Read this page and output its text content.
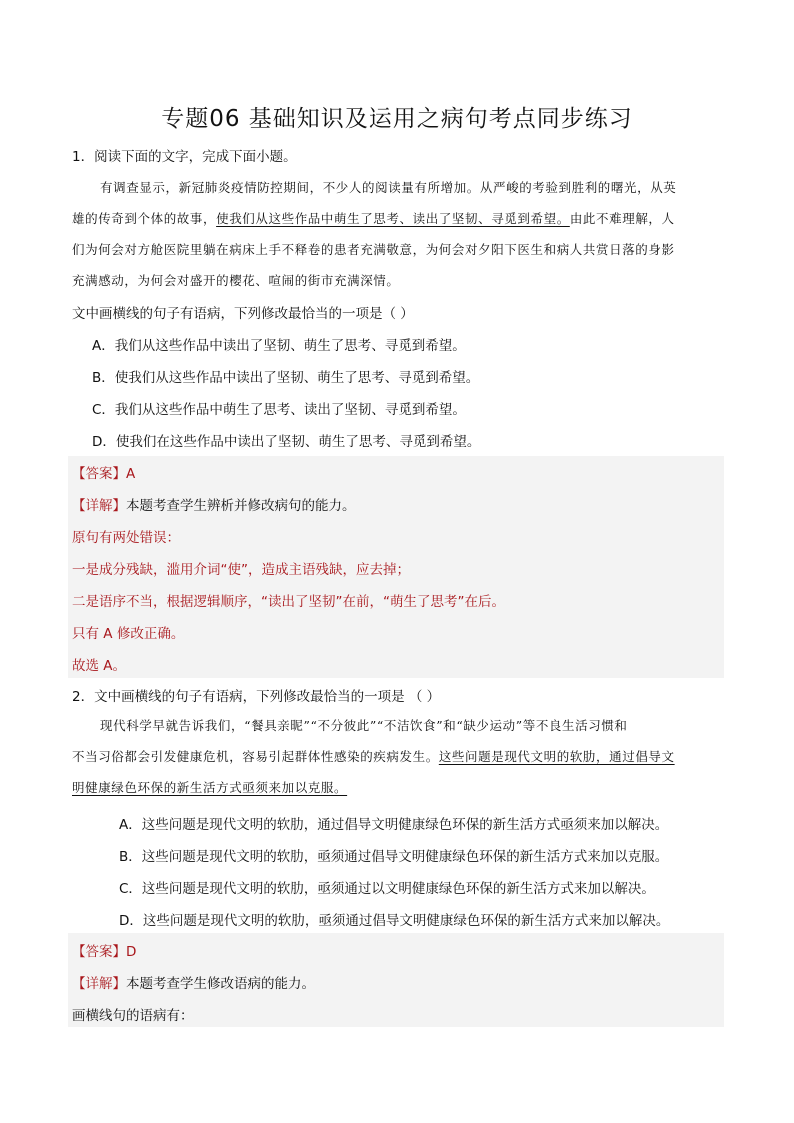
专题06 基础知识及运用之病句考点同步练习
1．阅读下面的文字，完成下面小题。
有调查显示，新冠肺炎疫情防控期间，不少人的阅读量有所增加。从严峻的考验到胜利的曙光，从英
雄的传奇到个体的故事，使我们从这些作品中萌生了思考、读出了坚韧、寻觅到希望。由此不难理解，人
们为何会对方舱医院里躺在病床上手不释卷的患者充满敬意，为何会对夕阳下医生和病人共赏日落的身影
充满感动，为何会对盛开的樱花、喧闹的街市充满深情。
文中画横线的句子有语病，下列修改最恰当的一项是（ ）
A．我们从这些作品中读出了坚韧、萌生了思考、寻觅到希望。
B．使我们从这些作品中读出了坚韧、萌生了思考、寻觅到希望。
C．我们从这些作品中萌生了思考、读出了坚韧、寻觅到希望。
D．使我们在这些作品中读出了坚韧、萌生了思考、寻觅到希望。
【答案】A
【详解】本题考查学生辨析并修改病句的能力。
原句有两处错误：
一是成分残缺，滥用介词“使”，造成主语残缺，应去掉；
二是语序不当，根据逻辑顺序，“读出了坚韧”在前，“萌生了思考”在后。
只有 A 修改正确。
故选 A。
2．文中画横线的句子有语病，下列修改最恰当的一项是 （ ）
现代科学早就告诉我们，“餐具亲昵”“不分彼此”“不洁饮食”和“缺少运动”等不良生活习惯和
不当习俗都会引发健康危机，容易引起群体性感染的疾病发生。这些问题是现代文明的软肋，通过倡导文
明健康绿色环保的新生活方式亟须来加以克服。
A．这些问题是现代文明的软肋，通过倡导文明健康绿色环保的新生活方式亟须来加以解决。
B．这些问题是现代文明的软肋，亟须通过倡导文明健康绿色环保的新生活方式来加以克服。
C．这些问题是现代文明的软肋，亟须通过以文明健康绿色环保的新生活方式来加以解决。
D．这些问题是现代文明的软肋，亟须通过倡导文明健康绿色环保的新生活方式来加以解决。
【答案】D
【详解】本题考查学生修改语病的能力。
画横线句的语病有：
